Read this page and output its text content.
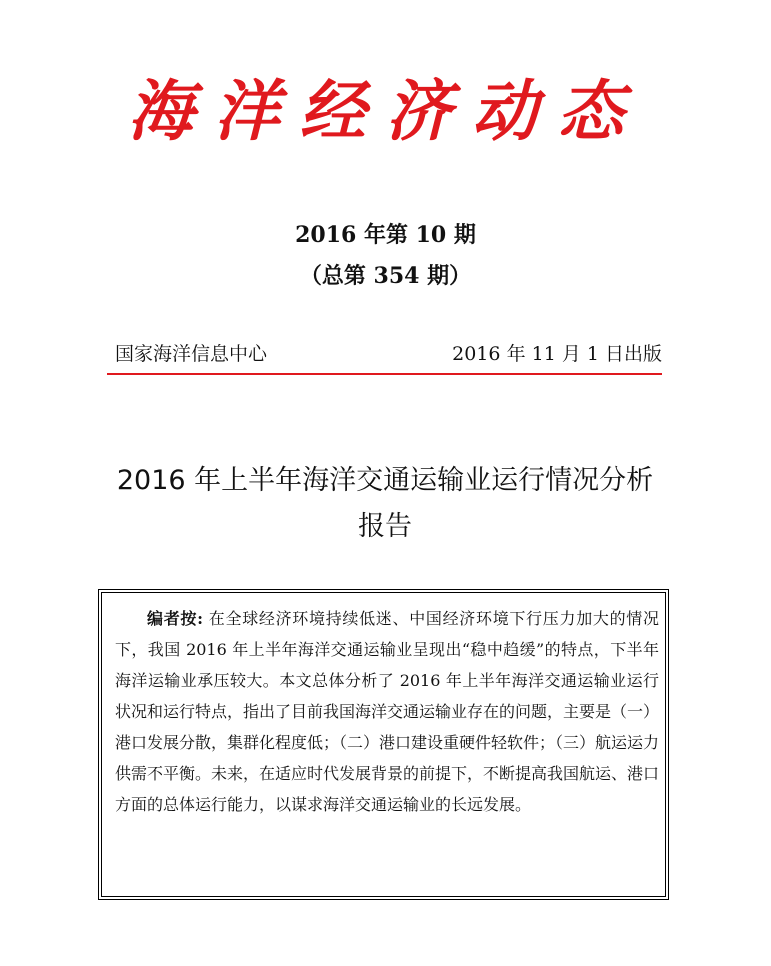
海洋经济动态
2016 年第 10 期
（总第 354 期）
国家海洋信息中心	2016 年 11 月 1 日出版
2016 年上半年海洋交通运输业运行情况分析报告
编者按: 在全球经济环境持续低迷、中国经济环境下行压力加大的情况下，我国 2016 年上半年海洋交通运输业呈现出“稳中趋缓”的特点，下半年海洋运输业承压较大。本文总体分析了 2016 年上半年海洋交通运输业运行状况和运行特点，指出了目前我国海洋交通运输业存在的问题，主要是（一）港口发展分散，集群化程度低；（二）港口建设重硬件轻软件；（三）航运运力供需不平衡。未来，在适应时代发展背景的前提下，不断提高我国航运、港口方面的总体运行能力，以谋求海洋交通运输业的长远发展。
